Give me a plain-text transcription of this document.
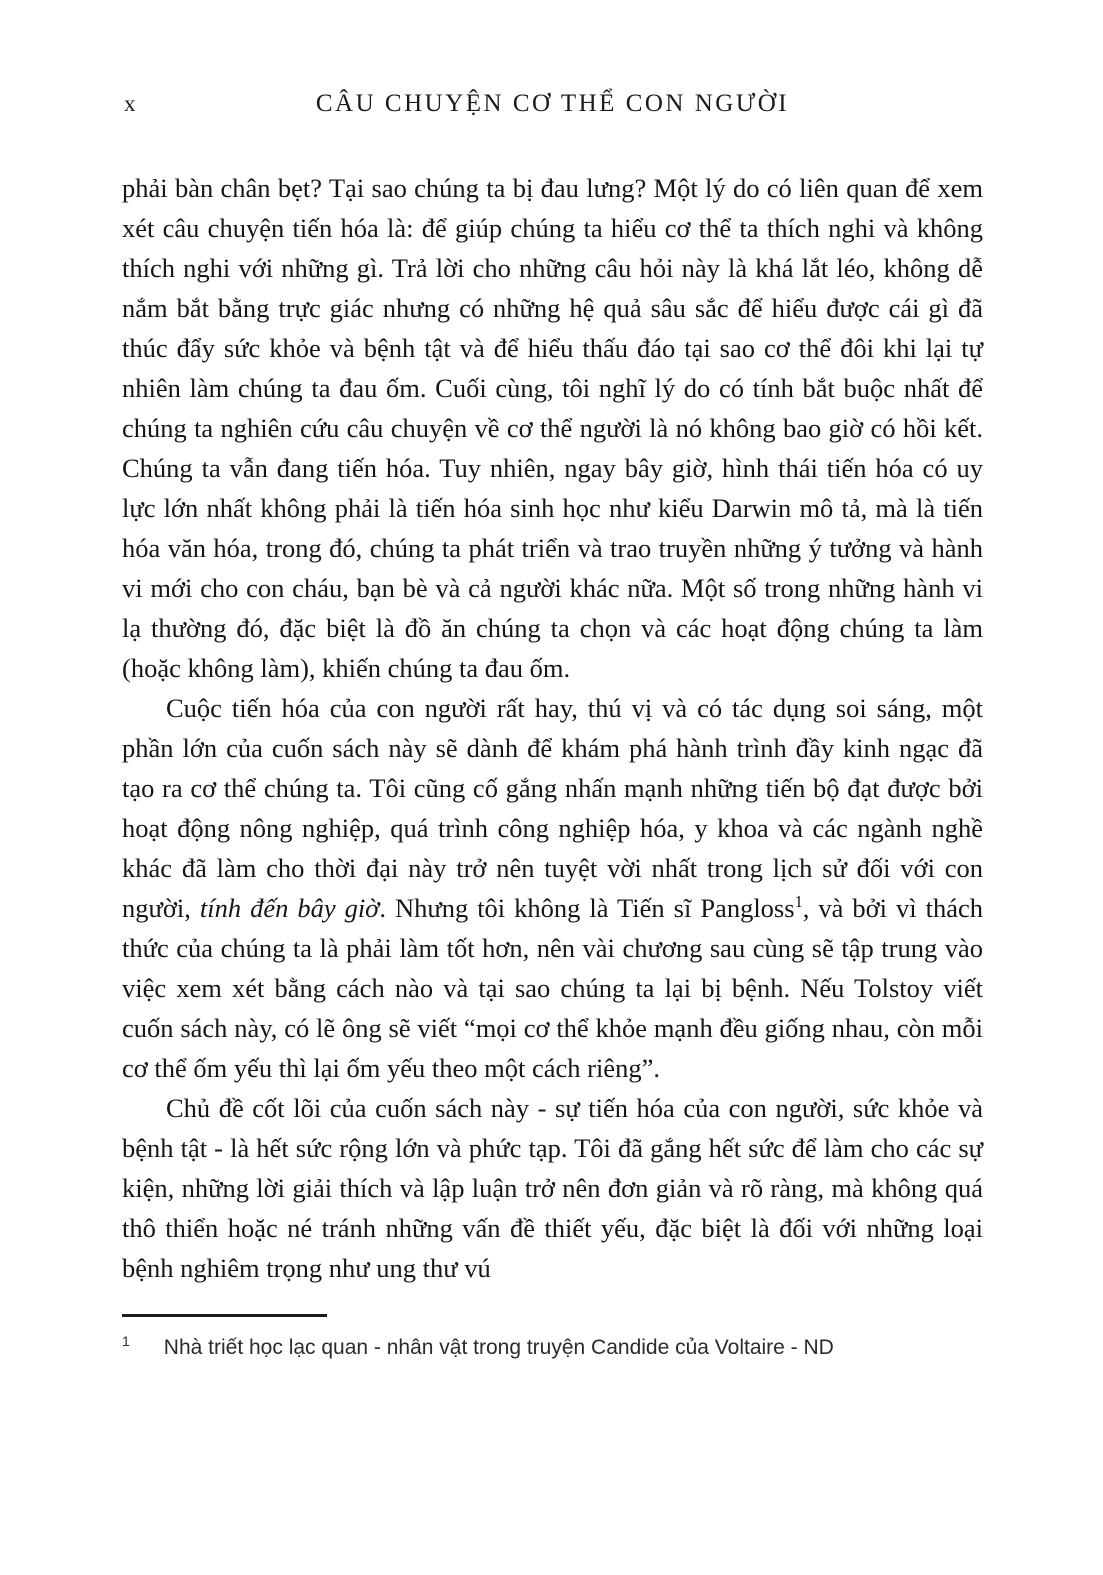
x	CÂU CHUYỆN CƠ THỂ CON NGƯỜI

phải bàn chân bẹt? Tại sao chúng ta bị đau lưng? Một lý do có liên quan để xem xét câu chuyện tiến hóa là: để giúp chúng ta hiểu cơ thể ta thích nghi và không thích nghi với những gì. Trả lời cho những câu hỏi này là khá lắt léo, không dễ nắm bắt bằng trực giác nhưng có những hệ quả sâu sắc để hiểu được cái gì đã thúc đẩy sức khỏe và bệnh tật và để hiểu thấu đáo tại sao cơ thể đôi khi lại tự nhiên làm chúng ta đau ốm. Cuối cùng, tôi nghĩ lý do có tính bắt buộc nhất để chúng ta nghiên cứu câu chuyện về cơ thể người là nó không bao giờ có hồi kết. Chúng ta vẫn đang tiến hóa. Tuy nhiên, ngay bây giờ, hình thái tiến hóa có uy lực lớn nhất không phải là tiến hóa sinh học như kiểu Darwin mô tả, mà là tiến hóa văn hóa, trong đó, chúng ta phát triển và trao truyền những ý tưởng và hành vi mới cho con cháu, bạn bè và cả người khác nữa. Một số trong những hành vi lạ thường đó, đặc biệt là đồ ăn chúng ta chọn và các hoạt động chúng ta làm (hoặc không làm), khiến chúng ta đau ốm.

Cuộc tiến hóa của con người rất hay, thú vị và có tác dụng soi sáng, một phần lớn của cuốn sách này sẽ dành để khám phá hành trình đầy kinh ngạc đã tạo ra cơ thể chúng ta. Tôi cũng cố gắng nhấn mạnh những tiến bộ đạt được bởi hoạt động nông nghiệp, quá trình công nghiệp hóa, y khoa và các ngành nghề khác đã làm cho thời đại này trở nên tuyệt vời nhất trong lịch sử đối với con người, tính đến bây giờ. Nhưng tôi không là Tiến sĩ Pangloss$^1$, và bởi vì thách thức của chúng ta là phải làm tốt hơn, nên vài chương sau cùng sẽ tập trung vào việc xem xét bằng cách nào và tại sao chúng ta lại bị bệnh. Nếu Tolstoy viết cuốn sách này, có lẽ ông sẽ viết “mọi cơ thể khỏe mạnh đều giống nhau, còn mỗi cơ thể ốm yếu thì lại ốm yếu theo một cách riêng”.

Chủ đề cốt lõi của cuốn sách này - sự tiến hóa của con người, sức khỏe và bệnh tật - là hết sức rộng lớn và phức tạp. Tôi đã gắng hết sức để làm cho các sự kiện, những lời giải thích và lập luận trở nên đơn giản và rõ ràng, mà không quá thô thiển hoặc né tránh những vấn đề thiết yếu, đặc biệt là đối với những loại bệnh nghiêm trọng như ung thư vú

$^1$ Nhà triết học lạc quan - nhân vật trong truyện Candide của Voltaire - ND
